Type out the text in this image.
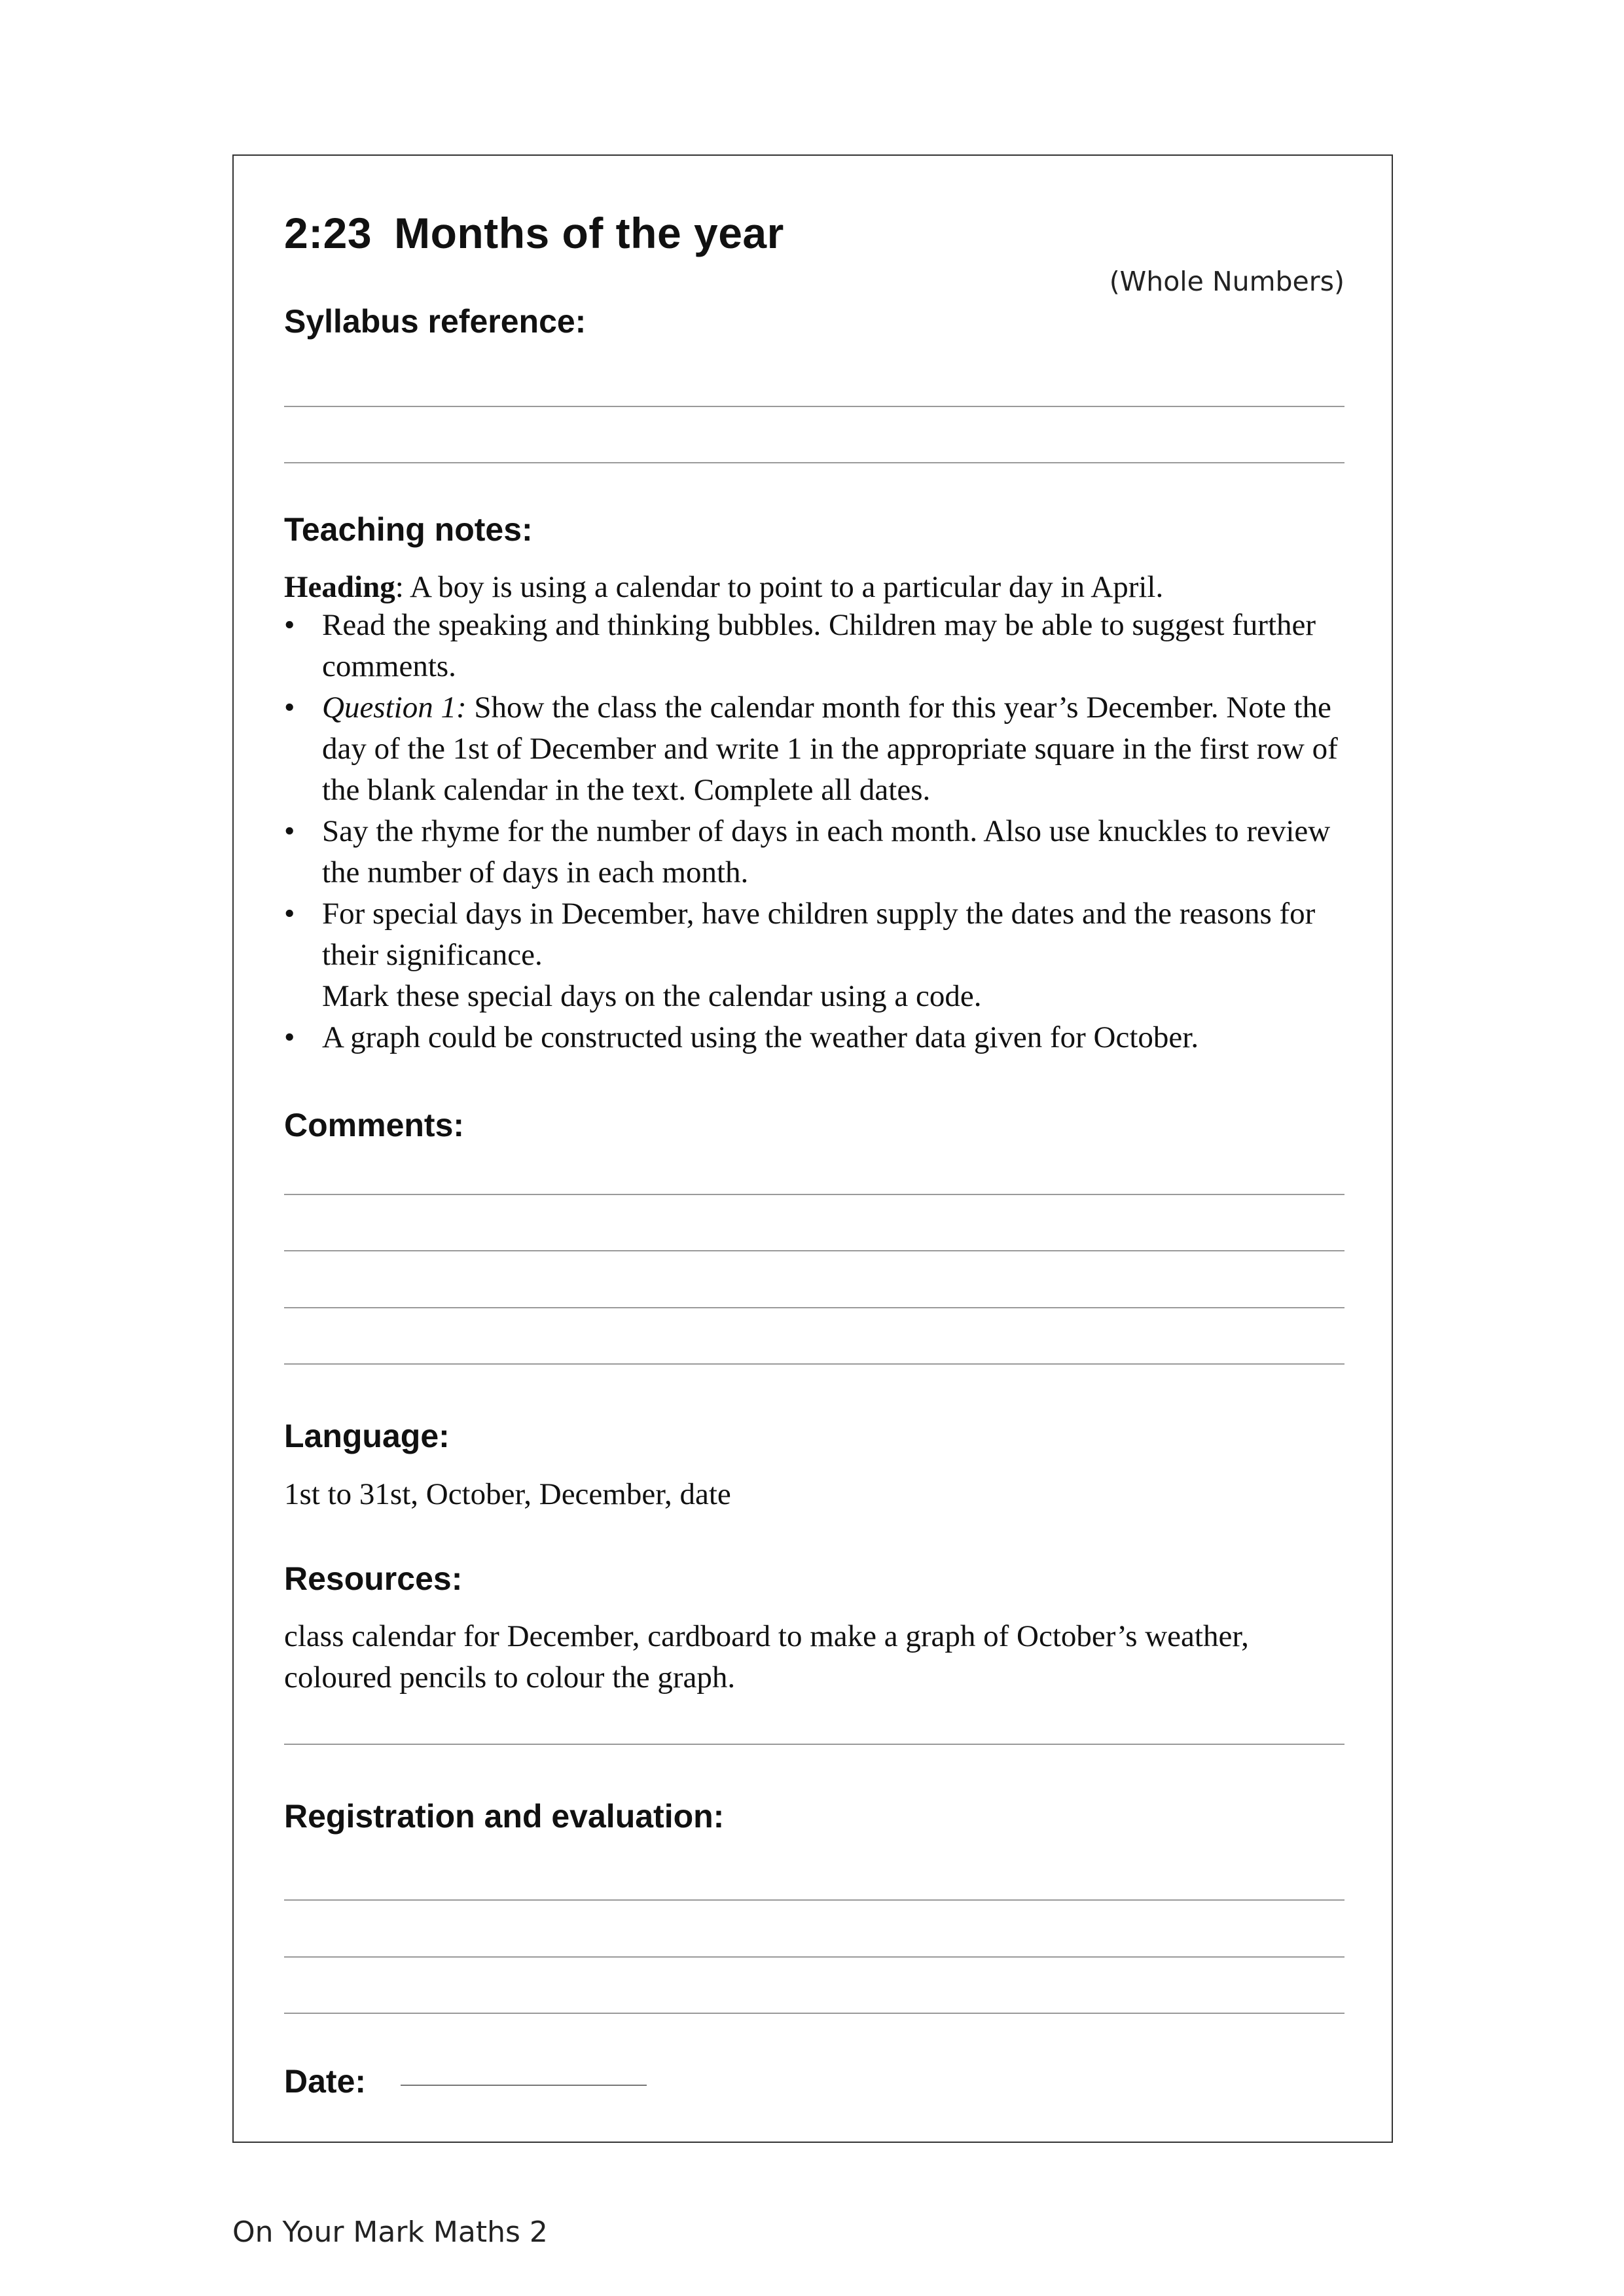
2:23 Months of the year
(Whole Numbers)
Syllabus reference:
Teaching notes:

Heading: A boy is using a calendar to point to a particular day in April.

• Read the speaking and thinking bubbles. Children may be able to suggest further comments.
• Question 1: Show the class the calendar month for this year’s December. Note the day of the 1st of December and write 1 in the appropriate square in the first row of the blank calendar in the text. Complete all dates.
• Say the rhyme for the number of days in each month. Also use knuckles to review the number of days in each month.
• For special days in December, have children supply the dates and the reasons for their significance.
Mark these special days on the calendar using a code.
• A graph could be constructed using the weather data given for October.
Comments:
Language:

1st to 31st, October, December, date

Resources:

class calendar for December, cardboard to make a graph of October’s weather, coloured pencils to colour the graph.

Registration and evaluation:
Date:
On Your Mark Maths 2
